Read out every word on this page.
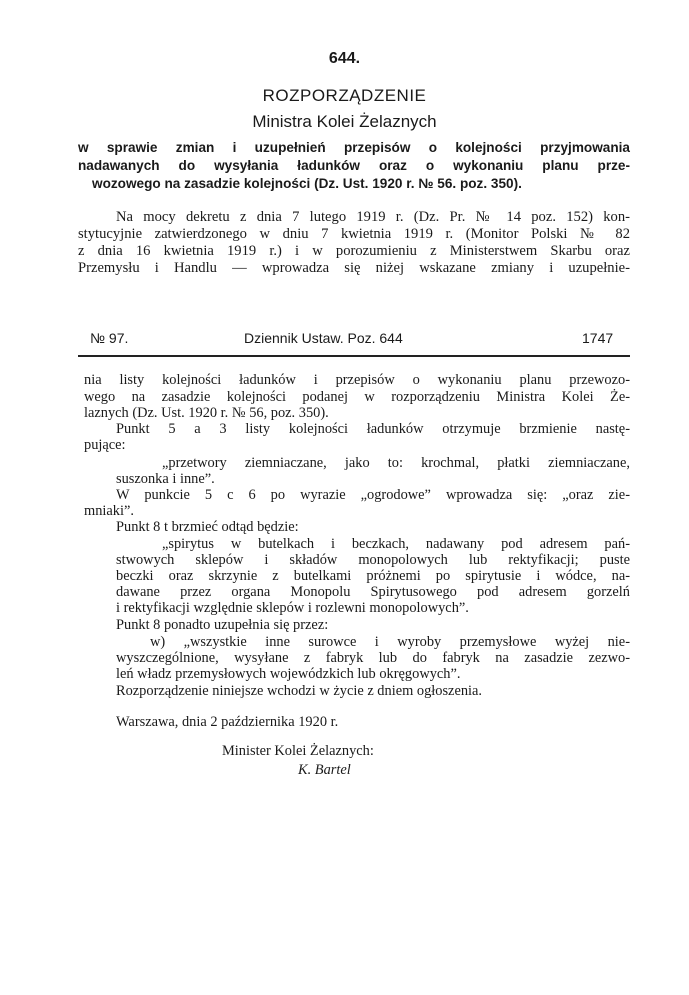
644.
ROZPORZĄDZENIE
Ministra Kolei Żelaznych
w sprawie zmian i uzupełnień przepisów o kolejności przyjmowania
nadawanych do wysyłania ładunków oraz o wykonaniu planu prze-
wozowego na zasadzie kolejności (Dz. Ust. 1920 r. № 56. poz. 350).
Na mocy dekretu z dnia 7 lutego 1919 r. (Dz. Pr. № 14 poz. 152) kon-
stytucyjnie zatwierdzonego w dniu 7 kwietnia 1919 r. (Monitor Polski № 82
z dnia 16 kwietnia 1919 r.) i w porozumieniu z Ministerstwem Skarbu oraz
Przemysłu i Handlu — wprowadza się niżej wskazane zmiany i uzupełnie-
№ 97.	Dziennik Ustaw. Poz. 644	1747
nia listy kolejności ładunków i przepisów o wykonaniu planu przewozo-
wego na zasadzie kolejności podanej w rozporządzeniu Ministra Kolei Że-
laznych (Dz. Ust. 1920 r. № 56, poz. 350).
Punkt 5 a 3 listy kolejności ładunków otrzymuje brzmienie nastę-
pujące:
„przetwory ziemniaczane, jako to: krochmal, płatki ziemniaczane,
suszonka i inne”.
W punkcie 5 c 6 po wyrazie „ogrodowe” wprowadza się: „oraz zie-
mniaki”.
Punkt 8 t brzmieć odtąd będzie:
„spirytus w butelkach i beczkach, nadawany pod adresem pań-
stwowych sklepów i składów monopolowych lub rektyfikacji; puste
beczki oraz skrzynie z butelkami próżnemi po spirytusie i wódce, na-
dawane przez organa Monopolu Spirytusowego pod adresem gorzelń
i rektyfikacji względnie sklepów i rozlewni monopolowych”.
Punkt 8 ponadto uzupełnia się przez:
w) „wszystkie inne surowce i wyroby przemysłowe wyżej nie-
wyszczególnione, wysyłane z fabryk lub do fabryk na zasadzie zezwo-
leń władz przemysłowych wojewódzkich lub okręgowych”.
Rozporządzenie niniejsze wchodzi w życie z dniem ogłoszenia.
Warszawa, dnia 2 października 1920 r.
Minister Kolei Żelaznych:
K. Bartel
